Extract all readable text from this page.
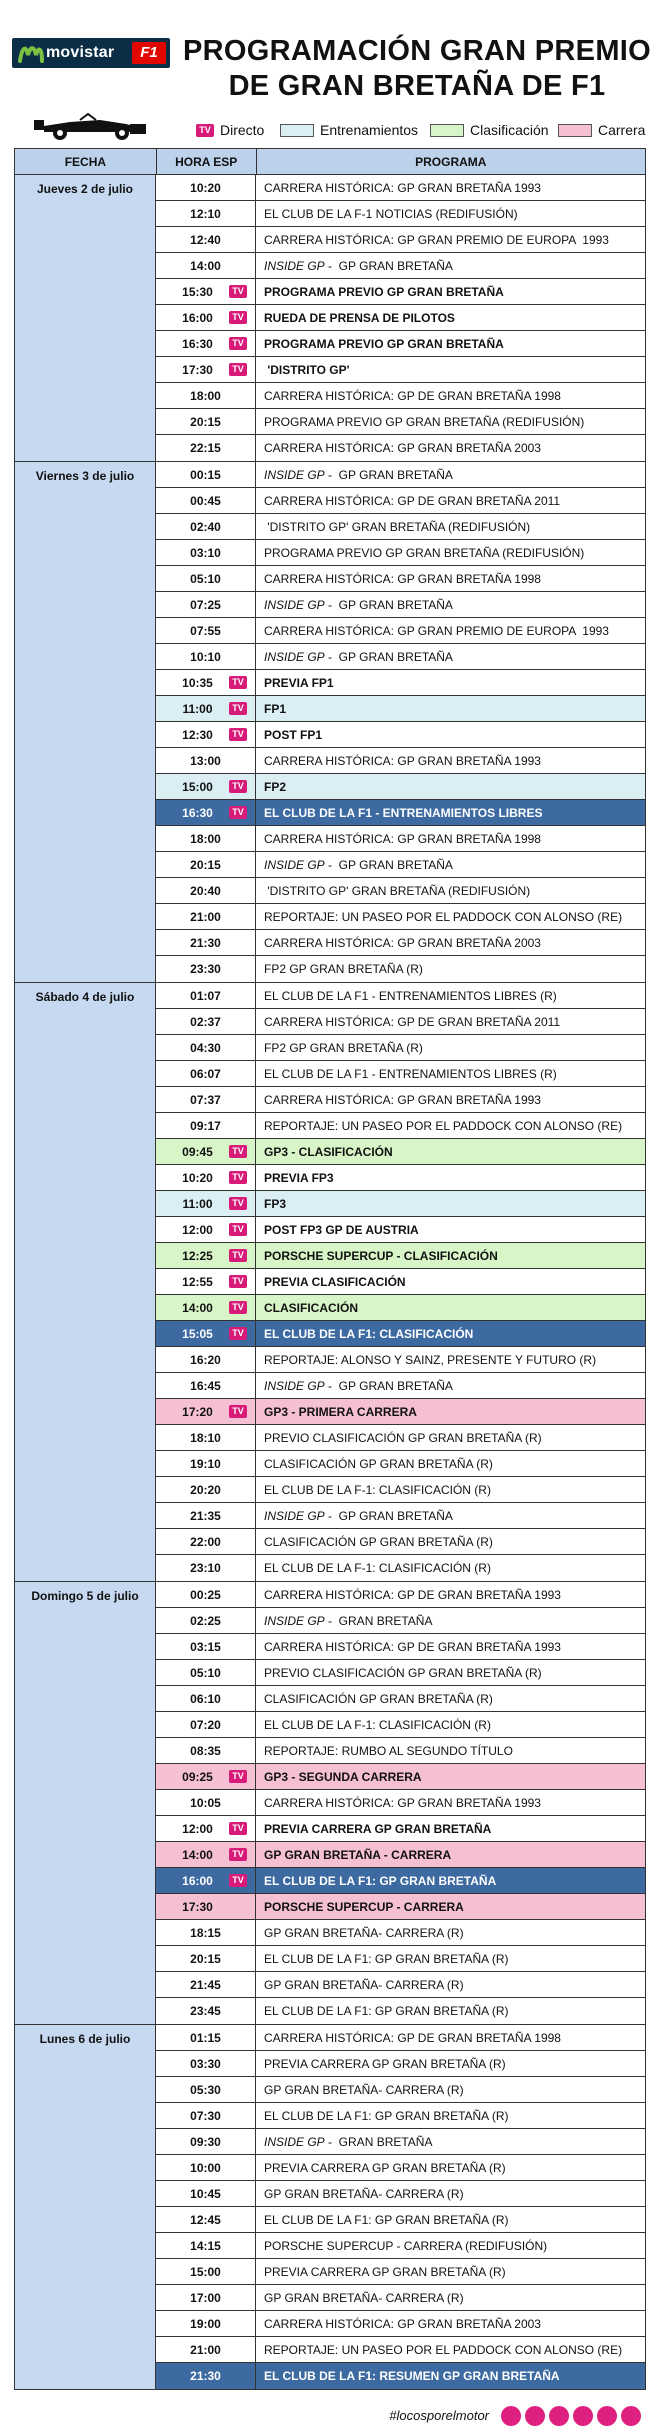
movistar	F1 PROGRAMACIÓN GRAN PREMIO
DE GRAN BRETAÑA DE F1
TV Directo	Entrenamientos	Clasificación	Carrera
FECHA	HORA ESP	PROGRAMA
Jueves 2 de julio	10:20	CARRERA HISTÓRICA: GP GRAN BRETAÑA 1993
12:10	EL CLUB DE LA F-1 NOTICIAS (REDIFUSIÓN)
12:40	CARRERA HISTÓRICA: GP GRAN PREMIO DE EUROPA  1993
14:00	INSIDE GP -  GP GRAN BRETAÑA
15:30	TV PROGRAMA PREVIO GP GRAN BRETAÑA
16:00	TV RUEDA DE PRENSA DE PILOTOS
16:30	TV PROGRAMA PREVIO GP GRAN BRETAÑA
17:30	TV 'DISTRITO GP'
18:00	CARRERA HISTÓRICA: GP DE GRAN BRETAÑA 1998
20:15	PROGRAMA PREVIO GP GRAN BRETAÑA (REDIFUSIÓN)
22:15	CARRERA HISTÓRICA: GP GRAN BRETAÑA 2003
Viernes 3 de julio	00:15	INSIDE GP -  GP GRAN BRETAÑA
00:45	CARRERA HISTÓRICA: GP DE GRAN BRETAÑA 2011
02:40	'DISTRITO GP' GRAN BRETAÑA (REDIFUSIÓN)
03:10	PROGRAMA PREVIO GP GRAN BRETAÑA (REDIFUSIÓN)
05:10	CARRERA HISTÓRICA: GP GRAN BRETAÑA 1998
07:25	INSIDE GP -  GP GRAN BRETAÑA
07:55	CARRERA HISTÓRICA: GP GRAN PREMIO DE EUROPA  1993
10:10	INSIDE GP -  GP GRAN BRETAÑA
10:35	TV PREVIA FP1
11:00	TV FP1
12:30	TV POST FP1
13:00	CARRERA HISTÓRICA: GP GRAN BRETAÑA 1993
15:00	TV FP2
16:30	TV EL CLUB DE LA F1 - ENTRENAMIENTOS LIBRES
18:00	CARRERA HISTÓRICA: GP GRAN BRETAÑA 1998
20:15	INSIDE GP -  GP GRAN BRETAÑA
20:40	'DISTRITO GP' GRAN BRETAÑA (REDIFUSIÓN)
21:00	REPORTAJE: UN PASEO POR EL PADDOCK CON ALONSO (RE)
21:30	CARRERA HISTÓRICA: GP GRAN BRETAÑA 2003
23:30	FP2 GP GRAN BRETAÑA (R)
Sábado 4 de julio	01:07	EL CLUB DE LA F1 - ENTRENAMIENTOS LIBRES (R)
02:37	CARRERA HISTÓRICA: GP DE GRAN BRETAÑA 2011
04:30	FP2 GP GRAN BRETAÑA (R)
06:07	EL CLUB DE LA F1 - ENTRENAMIENTOS LIBRES (R)
07:37	CARRERA HISTÓRICA: GP GRAN BRETAÑA 1993
09:17	REPORTAJE: UN PASEO POR EL PADDOCK CON ALONSO (RE)
09:45	TV GP3 - CLASIFICACIÓN
10:20	TV PREVIA FP3
11:00	TV FP3
12:00	TV POST FP3 GP DE AUSTRIA
12:25	TV PORSCHE SUPERCUP - CLASIFICACIÓN
12:55	TV PREVIA CLASIFICACIÓN
14:00	TV CLASIFICACIÓN
15:05	TV EL CLUB DE LA F1: CLASIFICACIÓN
16:20	REPORTAJE: ALONSO Y SAINZ, PRESENTE Y FUTURO (R)
16:45	INSIDE GP -  GP GRAN BRETAÑA
17:20	TV GP3 - PRIMERA CARRERA
18:10	PREVIO CLASIFICACIÓN GP GRAN BRETAÑA (R)
19:10	CLASIFICACIÓN GP GRAN BRETAÑA (R)
20:20	EL CLUB DE LA F-1: CLASIFICACIÓN (R)
21:35	INSIDE GP -  GP GRAN BRETAÑA
22:00	CLASIFICACIÓN GP GRAN BRETAÑA (R)
23:10	EL CLUB DE LA F-1: CLASIFICACIÓN (R)
Domingo 5 de julio	00:25	CARRERA HISTÓRICA: GP DE GRAN BRETAÑA 1993
02:25	INSIDE GP -  GRAN BRETAÑA
03:15	CARRERA HISTÓRICA: GP DE GRAN BRETAÑA 1993
05:10	PREVIO CLASIFICACIÓN GP GRAN BRETAÑA (R)
06:10	CLASIFICACIÓN GP GRAN BRETAÑA (R)
07:20	EL CLUB DE LA F-1: CLASIFICACIÓN (R)
08:35	REPORTAJE: RUMBO AL SEGUNDO TÍTULO
09:25	TV GP3 - SEGUNDA CARRERA
10:05	CARRERA HISTÓRICA: GP GRAN BRETAÑA 1993
12:00	TV PREVIA CARRERA GP GRAN BRETAÑA
14:00	TV GP GRAN BRETAÑA - CARRERA
16:00	TV EL CLUB DE LA F1: GP GRAN BRETAÑA
17:30	PORSCHE SUPERCUP - CARRERA
18:15	GP GRAN BRETAÑA- CARRERA (R)
20:15	EL CLUB DE LA F1: GP GRAN BRETAÑA (R)
21:45	GP GRAN BRETAÑA- CARRERA (R)
23:45	EL CLUB DE LA F1: GP GRAN BRETAÑA (R)
Lunes 6 de julio	01:15	CARRERA HISTÓRICA: GP DE GRAN BRETAÑA 1998
03:30	PREVIA CARRERA GP GRAN BRETAÑA (R)
05:30	GP GRAN BRETAÑA- CARRERA (R)
07:30	EL CLUB DE LA F1: GP GRAN BRETAÑA (R)
09:30	INSIDE GP -  GRAN BRETAÑA
10:00	PREVIA CARRERA GP GRAN BRETAÑA (R)
10:45	GP GRAN BRETAÑA- CARRERA (R)
12:45	EL CLUB DE LA F1: GP GRAN BRETAÑA (R)
14:15	PORSCHE SUPERCUP - CARRERA (REDIFUSIÓN)
15:00	PREVIA CARRERA GP GRAN BRETAÑA (R)
17:00	GP GRAN BRETAÑA- CARRERA (R)
19:00	CARRERA HISTÓRICA: GP GRAN BRETAÑA 2003
21:00	REPORTAJE: UN PASEO POR EL PADDOCK CON ALONSO (RE)
21:30	EL CLUB DE LA F1: RESUMEN GP GRAN BRETAÑA
#locosporelmotor
